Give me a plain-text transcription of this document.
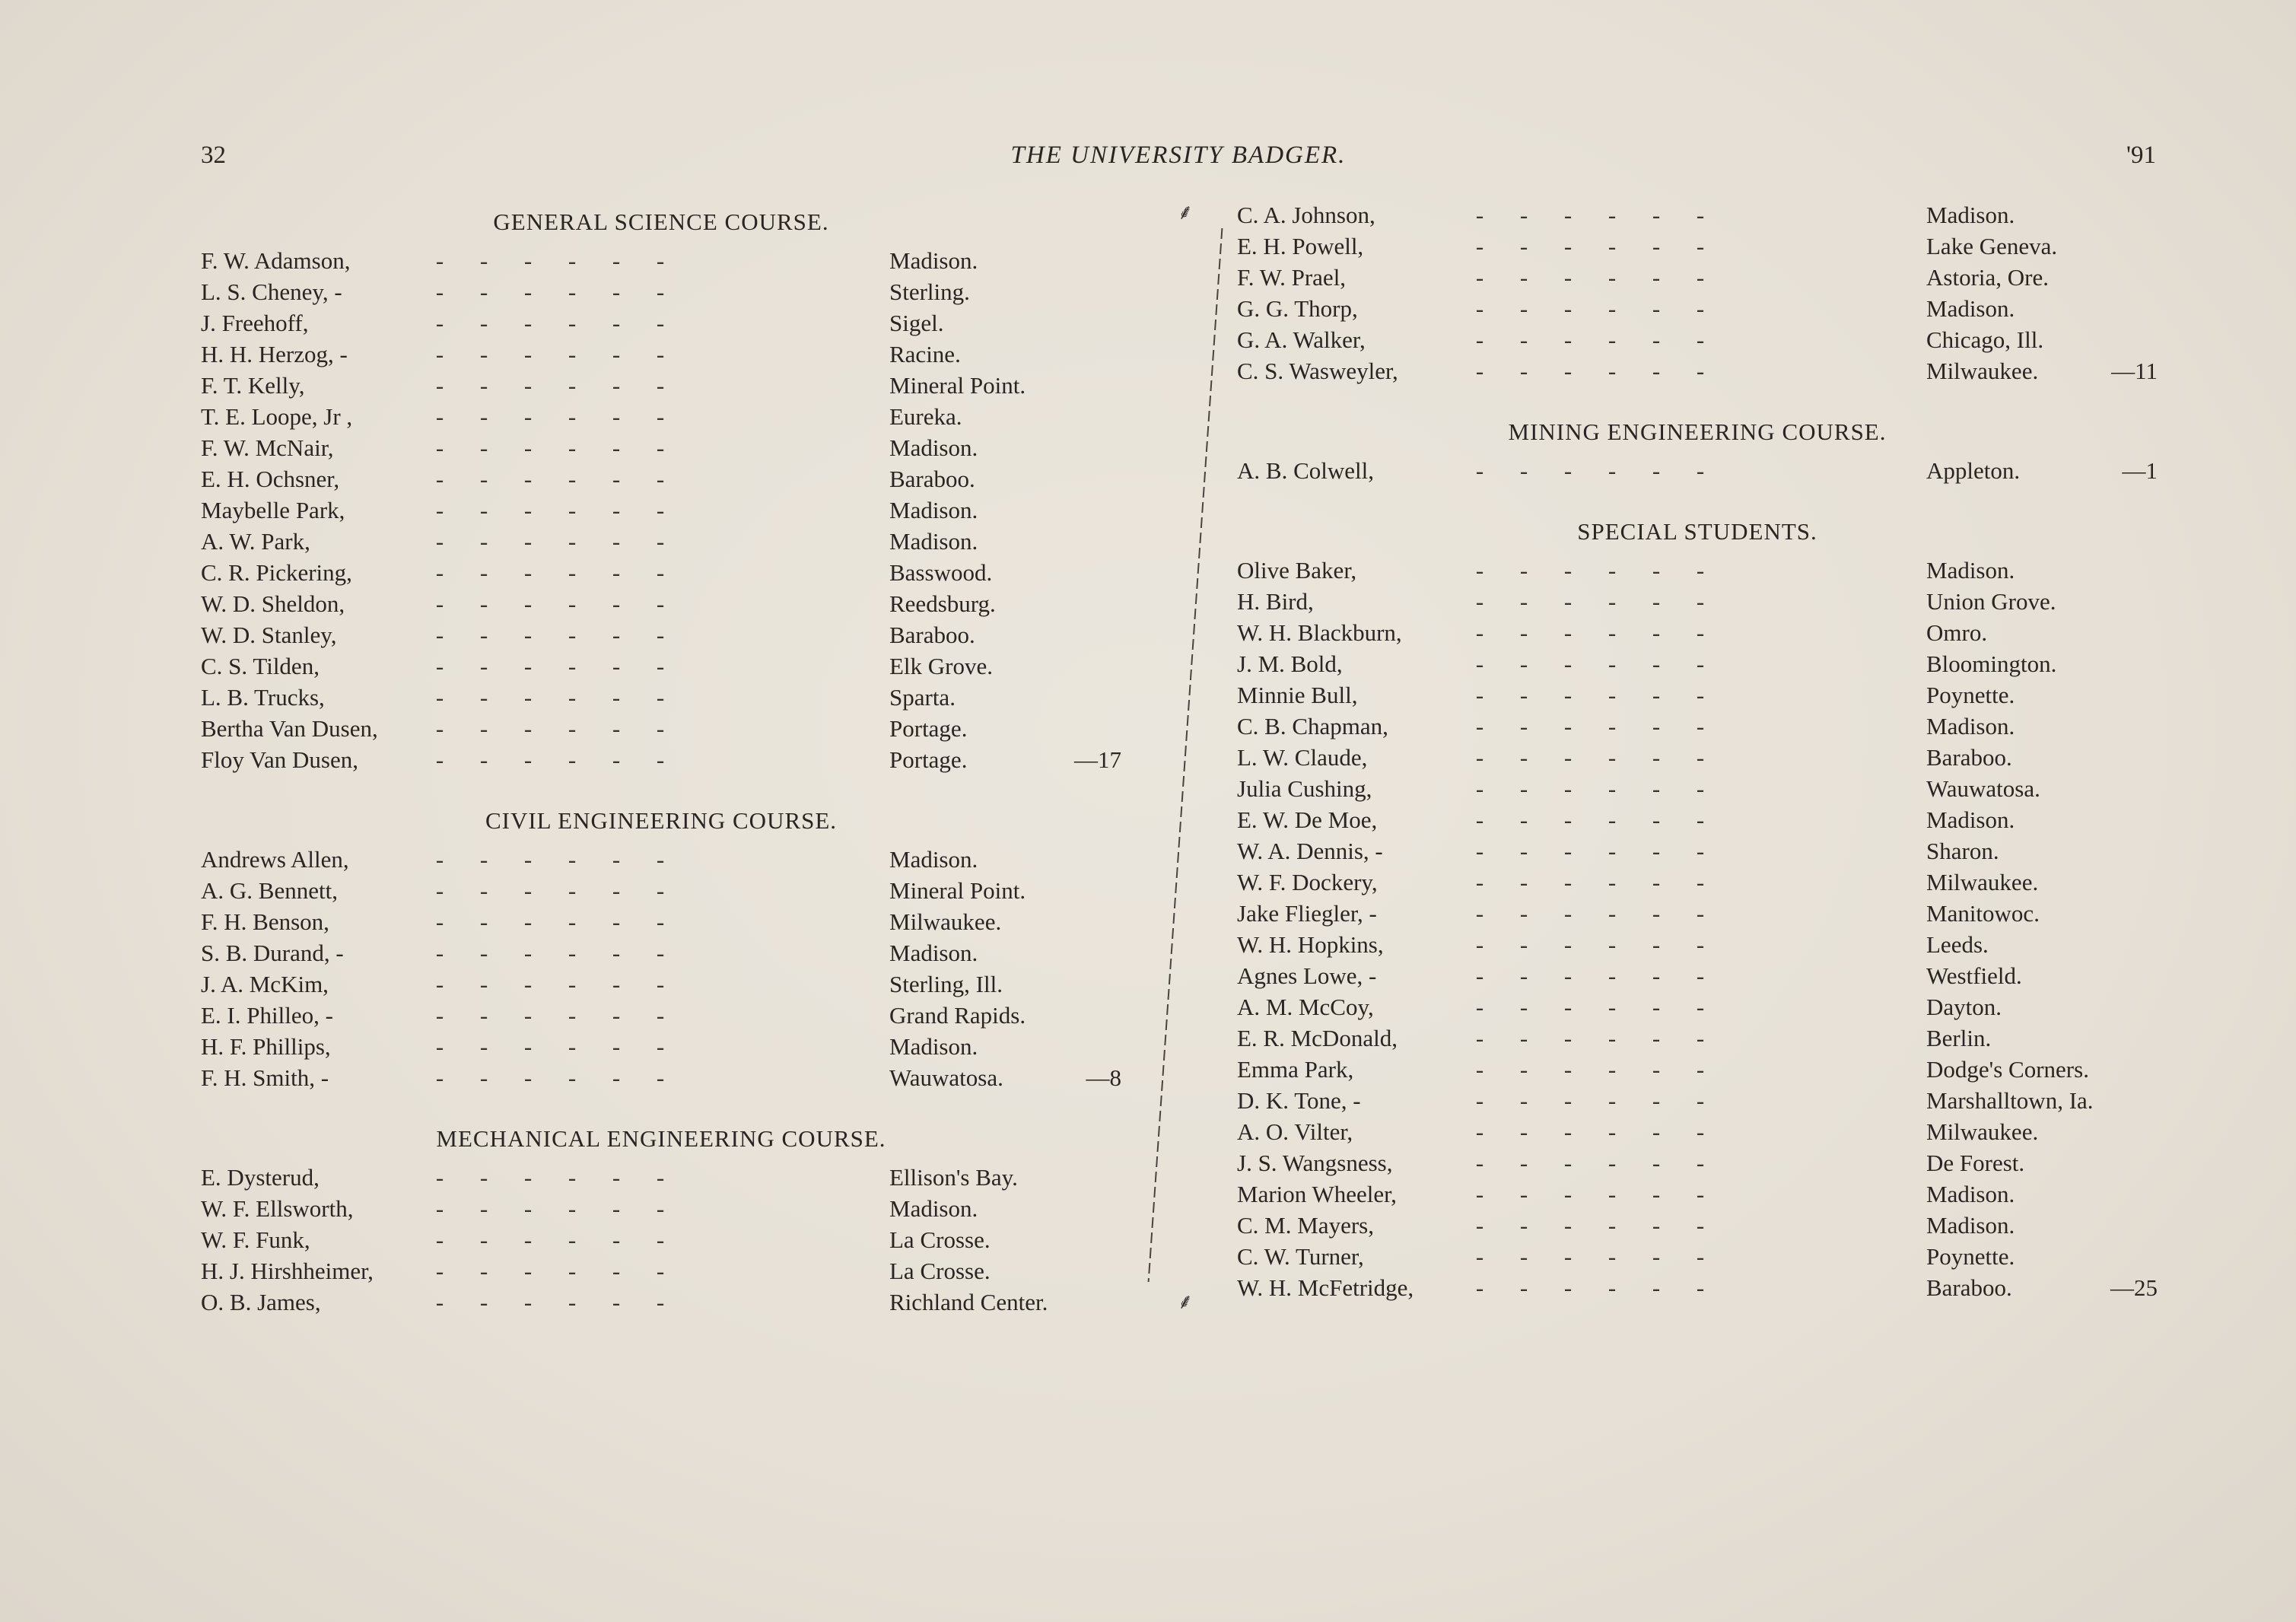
32	THE UNIVERSITY BADGER.	'91
GENERAL SCIENCE COURSE.
F. W. Adamson,	- - - - - -	Madison.
L. S. Cheney, -	- - - - - -	Sterling.
J. Freehoff,	- - - - - -	Sigel.
H. H. Herzog, -	- - - - - -	Racine.
F. T. Kelly,	- - - - - -	Mineral Point.
T. E. Loope, Jr ,	- - - - - -	Eureka.
F. W. McNair,	- - - - - -	Madison.
E. H. Ochsner,	- - - - - -	Baraboo.
Maybelle Park,	- - - - - -	Madison.
A. W. Park,	- - - - - -	Madison.
C. R. Pickering,	- - - - - -	Basswood.
W. D. Sheldon,	- - - - - -	Reedsburg.
W. D. Stanley,	- - - - - -	Baraboo.
C. S. Tilden,	- - - - - -	Elk Grove.
L. B. Trucks,	- - - - - -	Sparta.
Bertha Van Dusen,	- - - - - -	Portage.
Floy Van Dusen,	- - - - - -	Portage.	—17
CIVIL ENGINEERING COURSE.
Andrews Allen,	- - - - - -	Madison.
A. G. Bennett,	- - - - - -	Mineral Point.
F. H. Benson,	- - - - - -	Milwaukee.
S. B. Durand, -	- - - - - -	Madison.
J. A. McKim,	- - - - - -	Sterling, Ill.
E. I. Philleo, -	- - - - - -	Grand Rapids.
H. F. Phillips,	- - - - - -	Madison.
F. H. Smith, -	- - - - - -	Wauwatosa.	—8
MECHANICAL ENGINEERING COURSE.
E. Dysterud,	- - - - - -	Ellison's Bay.
W. F. Ellsworth,	- - - - - -	Madison.
W. F. Funk,	- - - - - -	La Crosse.
H. J. Hirshheimer,	- - - - - -	La Crosse.
O. B. James,	- - - - - -	Richland Center.
⸙
⸙
C. A. Johnson,	- - - - - -	Madison.
E. H. Powell,	- - - - - -	Lake Geneva.
F. W. Prael,	- - - - - -	Astoria, Ore.
G. G. Thorp,	- - - - - -	Madison.
G. A. Walker,	- - - - - -	Chicago, Ill.
C. S. Wasweyler,	- - - - - -	Milwaukee.	—11
MINING ENGINEERING COURSE.
A. B. Colwell,	- - - - - -	Appleton.	—1
SPECIAL STUDENTS.
Olive Baker,	- - - - - -	Madison.
H. Bird,	- - - - - -	Union Grove.
W. H. Blackburn,	- - - - - -	Omro.
J. M. Bold,	- - - - - -	Bloomington.
Minnie Bull,	- - - - - -	Poynette.
C. B. Chapman,	- - - - - -	Madison.
L. W. Claude,	- - - - - -	Baraboo.
Julia Cushing,	- - - - - -	Wauwatosa.
E. W. De Moe,	- - - - - -	Madison.
W. A. Dennis, -	- - - - - -	Sharon.
W. F. Dockery,	- - - - - -	Milwaukee.
Jake Fliegler, -	- - - - - -	Manitowoc.
W. H. Hopkins,	- - - - - -	Leeds.
Agnes Lowe, -	- - - - - -	Westfield.
A. M. McCoy,	- - - - - -	Dayton.
E. R. McDonald,	- - - - - -	Berlin.
Emma Park,	- - - - - -	Dodge's Corners.
D. K. Tone, -	- - - - - -	Marshalltown, Ia.
A. O. Vilter,	- - - - - -	Milwaukee.
J. S. Wangsness,	- - - - - -	De Forest.
Marion Wheeler,	- - - - - -	Madison.
C. M. Mayers,	- - - - - -	Madison.
C. W. Turner,	- - - - - -	Poynette.
W. H. McFetridge,	- - - - - -	Baraboo.	—25
